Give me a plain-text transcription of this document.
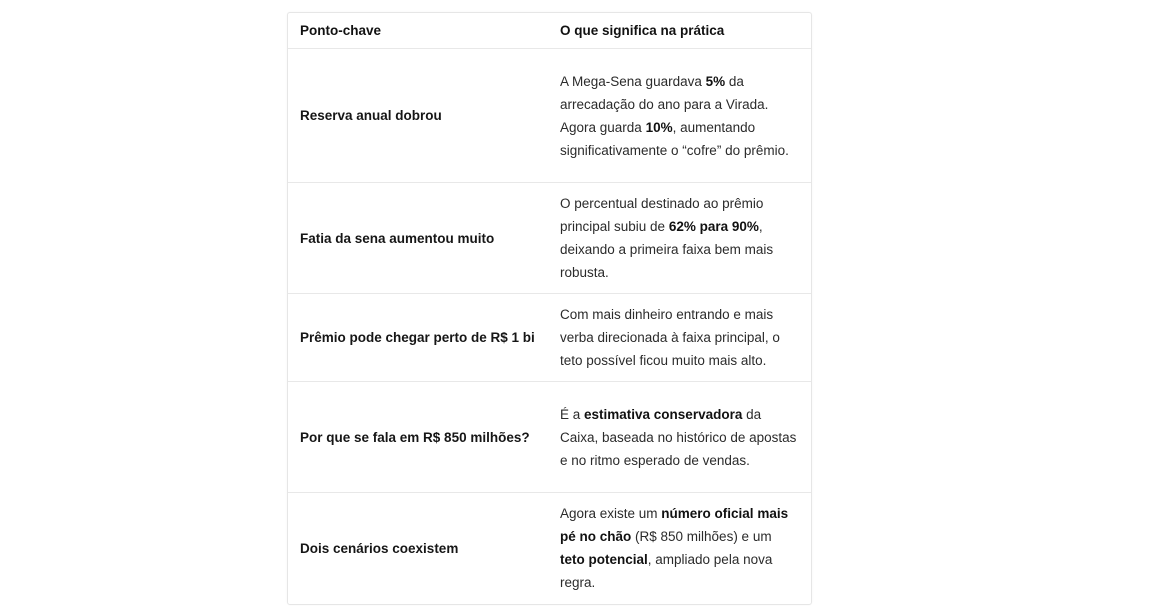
Ponto-chave	O que significa na prática
Reserva anual dobrou	A Mega-Sena guardava 5% da arrecadação do ano para a Virada. Agora guarda 10%, aumentando significativamente o “cofre” do prêmio.
Fatia da sena aumentou muito	O percentual destinado ao prêmio principal subiu de 62% para 90%, deixando a primeira faixa bem mais robusta.
Prêmio pode chegar perto de R$ 1 bi	Com mais dinheiro entrando e mais verba direcionada à faixa principal, o teto possível ficou muito mais alto.
Por que se fala em R$ 850 milhões?	É a estimativa conservadora da Caixa, baseada no histórico de apostas e no ritmo esperado de vendas.
Dois cenários coexistem	Agora existe um número oficial mais pé no chão (R$ 850 milhões) e um teto potencial, ampliado pela nova regra.
